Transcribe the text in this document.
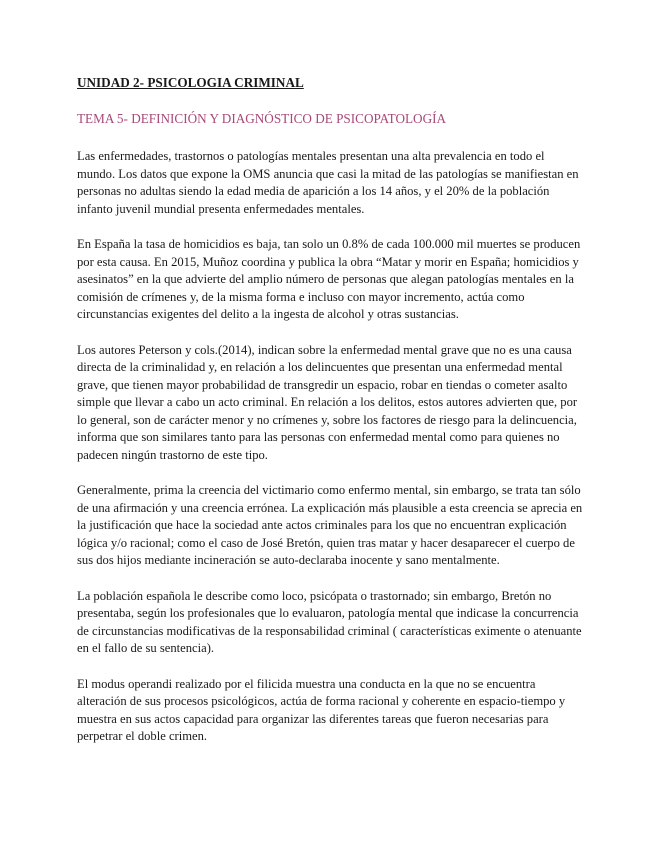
UNIDAD 2- PSICOLOGIA CRIMINAL
TEMA 5- DEFINICIÓN Y DIAGNÓSTICO DE PSICOPATOLOGÍA

Las enfermedades, trastornos o patologías mentales presentan una alta prevalencia en todo el mundo. Los datos que expone la OMS anuncia que casi la mitad de las patologías se manifiestan en personas no adultas siendo la edad media de aparición a los 14 años, y el 20% de la población infanto juvenil mundial presenta enfermedades mentales.

En España la tasa de homicidios es baja, tan solo un 0.8% de cada 100.000 mil muertes se producen por esta causa. En 2015, Muñoz coordina y publica la obra “Matar y morir en España; homicidios y asesinatos” en la que advierte del amplio número de personas que alegan patologías mentales en la comisión de crímenes y, de la misma forma e incluso con mayor incremento, actúa como circunstancias exigentes del delito a la ingesta de alcohol y otras sustancias.

Los autores Peterson y cols.(2014), indican sobre la enfermedad mental grave que no es una causa directa de la criminalidad y, en relación a los delincuentes que presentan una enfermedad mental grave, que tienen mayor probabilidad de transgredir un espacio, robar en tiendas o cometer asalto simple que llevar a cabo un acto criminal. En relación a los delitos, estos autores advierten que, por lo general, son de carácter menor y no crímenes y, sobre los factores de riesgo para la delincuencia, informa que son similares tanto para las personas con enfermedad mental como para quienes no padecen ningún trastorno de este tipo.

Generalmente, prima la creencia del victimario como enfermo mental, sin embargo, se trata tan sólo de una afirmación y una creencia errónea. La explicación más plausible a esta creencia se aprecia en la justificación que hace la sociedad ante actos criminales para los que no encuentran explicación lógica y/o racional; como el caso de José Bretón, quien tras matar y hacer desaparecer el cuerpo de sus dos hijos mediante incineración se auto-declaraba inocente y sano mentalmente.

La población española le describe como loco, psicópata o trastornado; sin embargo, Bretón no presentaba, según los profesionales que lo evaluaron, patología mental que indicase la concurrencia de circunstancias modificativas de la responsabilidad criminal ( características eximente o atenuante en el fallo de su sentencia).

El modus operandi realizado por el filicida muestra una conducta en la que no se encuentra alteración de sus procesos psicológicos, actúa de forma racional y coherente en espacio-tiempo y muestra en sus actos capacidad para organizar las diferentes tareas que fueron necesarias para perpetrar el doble crimen.
